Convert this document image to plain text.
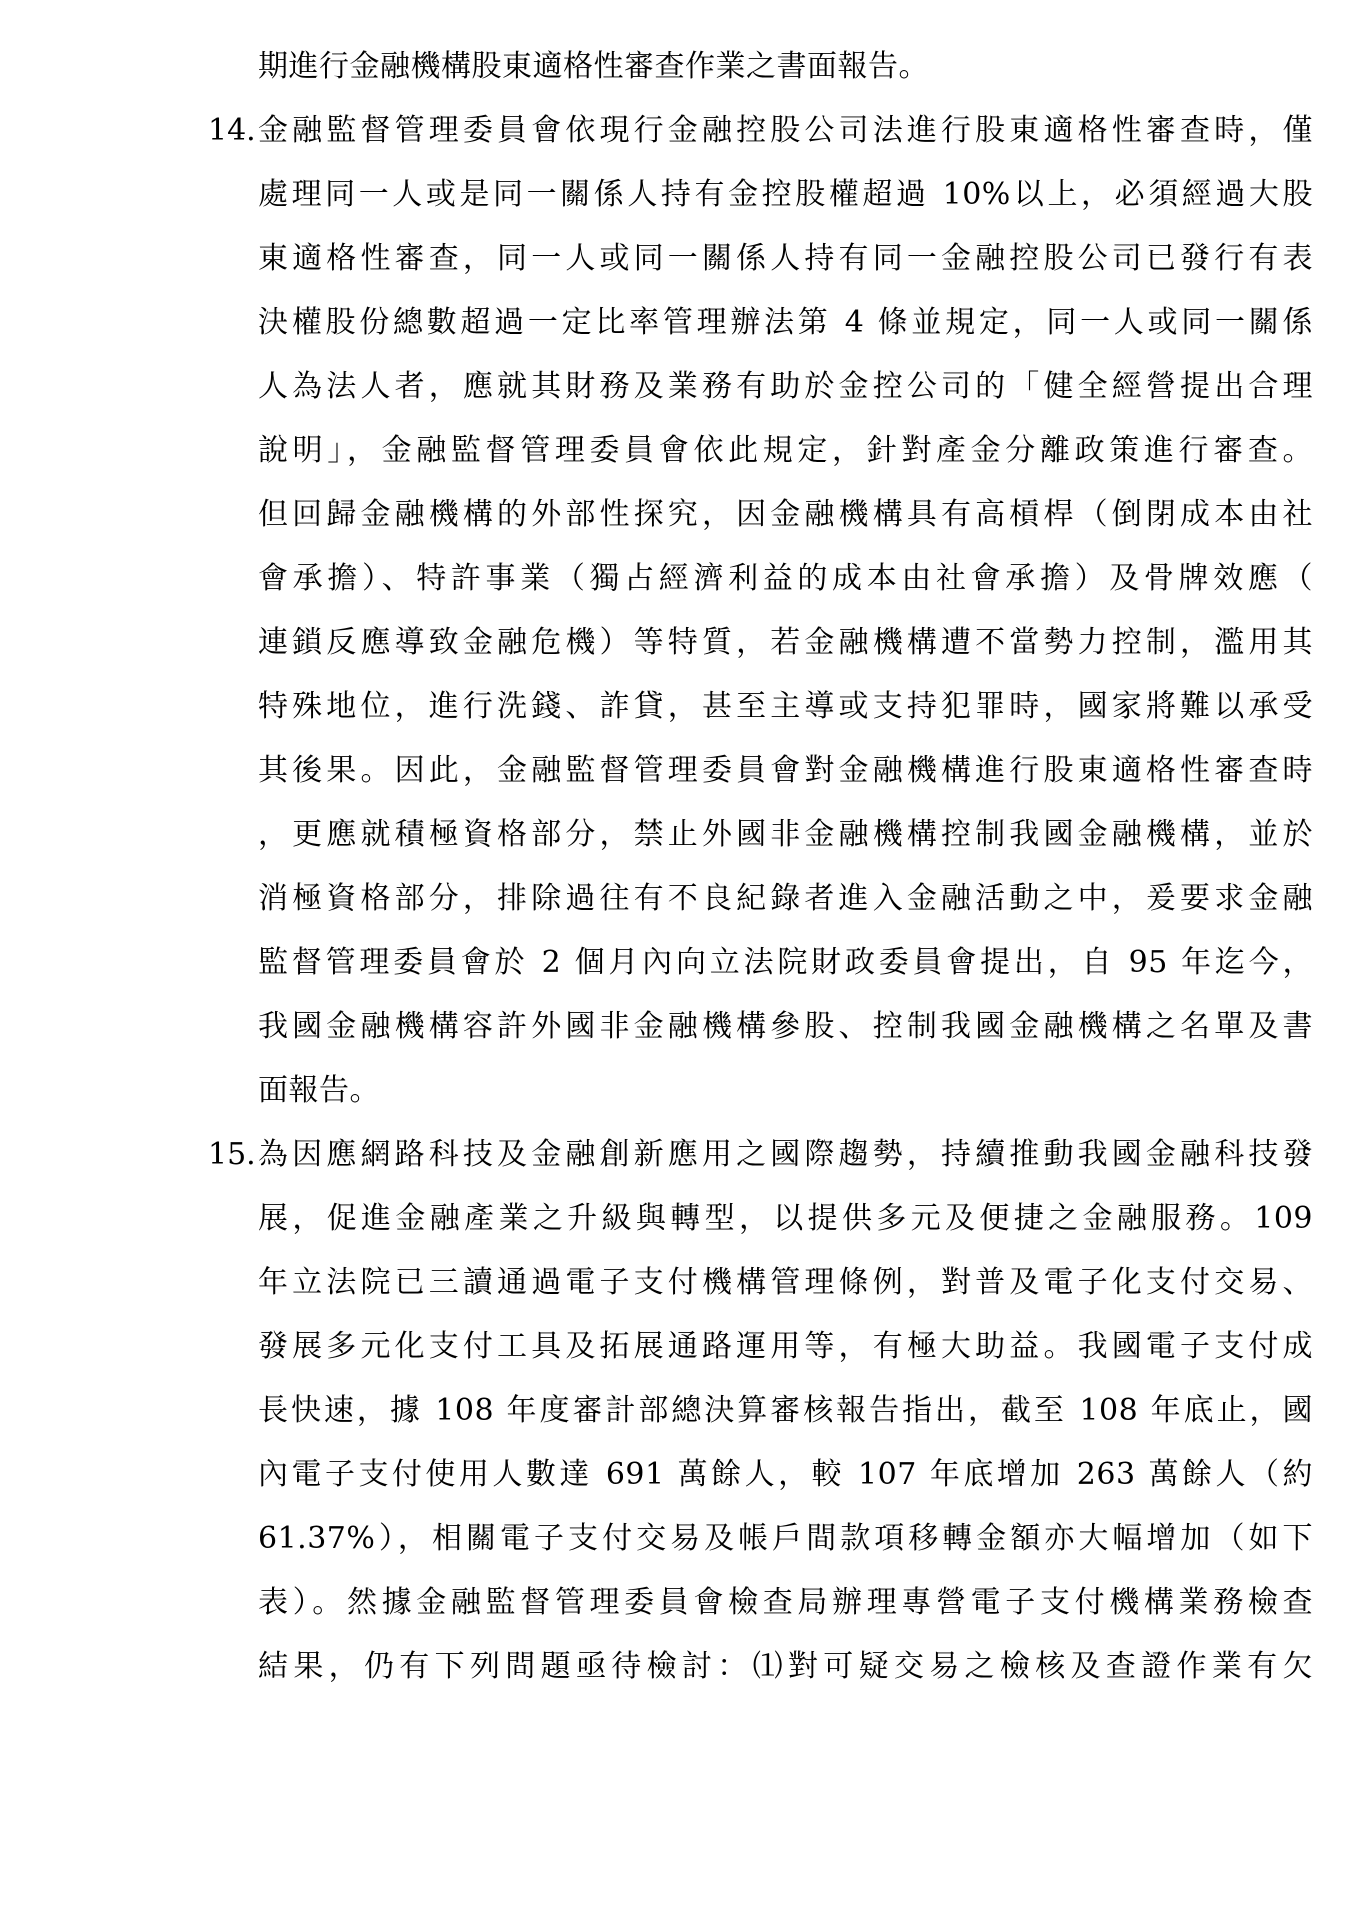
期進行金融機構股東適格性審查作業之書面報告。
14. 金融監督管理委員會依現行金融控股公司法進行股東適格性審查時，僅
處理同一人或是同一關係人持有金控股權超過 10%以上，必須經過大股
東適格性審查，同一人或同一關係人持有同一金融控股公司已發行有表
決權股份總數超過一定比率管理辦法第 4 條並規定，同一人或同一關係
人為法人者，應就其財務及業務有助於金控公司的「健全經營提出合理
說明」，金融監督管理委員會依此規定，針對產金分離政策進行審查。
但回歸金融機構的外部性探究，因金融機構具有高槓桿（倒閉成本由社
會承擔）、特許事業（獨占經濟利益的成本由社會承擔）及骨牌效應（
連鎖反應導致金融危機）等特質，若金融機構遭不當勢力控制，濫用其
特殊地位，進行洗錢、詐貸，甚至主導或支持犯罪時，國家將難以承受
其後果。因此，金融監督管理委員會對金融機構進行股東適格性審查時
，更應就積極資格部分，禁止外國非金融機構控制我國金融機構，並於
消極資格部分，排除過往有不良紀錄者進入金融活動之中，爰要求金融
監督管理委員會於 2 個月內向立法院財政委員會提出，自 95 年迄今，
我國金融機構容許外國非金融機構參股、控制我國金融機構之名單及書
面報告。
15. 為因應網路科技及金融創新應用之國際趨勢，持續推動我國金融科技發
展，促進金融產業之升級與轉型，以提供多元及便捷之金融服務。109
年立法院已三讀通過電子支付機構管理條例，對普及電子化支付交易、
發展多元化支付工具及拓展通路運用等，有極大助益。我國電子支付成
長快速，據 108 年度審計部總決算審核報告指出，截至 108 年底止，國
內電子支付使用人數達 691 萬餘人，較 107 年底增加 263 萬餘人（約
61.37%），相關電子支付交易及帳戶間款項移轉金額亦大幅增加（如下
表）。然據金融監督管理委員會檢查局辦理專營電子支付機構業務檢查
結果，仍有下列問題亟待檢討：⑴對可疑交易之檢核及查證作業有欠
